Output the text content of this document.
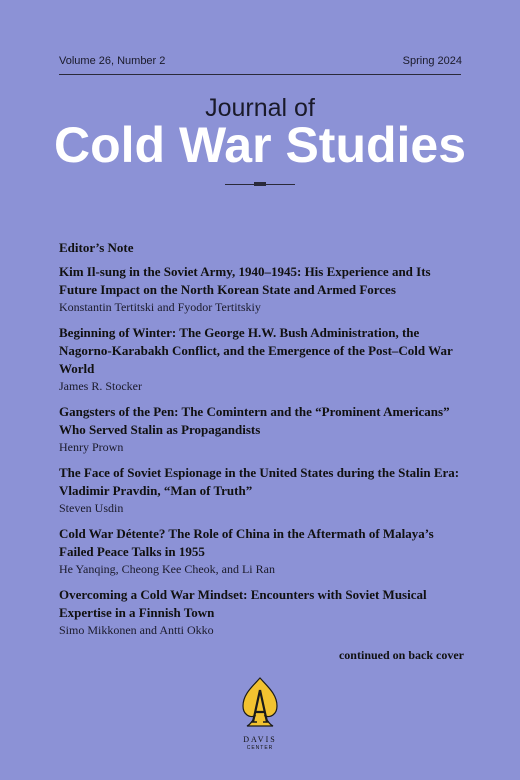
Volume 26, Number 2	Spring 2024
Journal of
Cold War Studies
Editor’s Note
Kim Il-sung in the Soviet Army, 1940–1945: His Experience and Its Future Impact on the North Korean State and Armed Forces
Konstantin Tertitski and Fyodor Tertitskiy
Beginning of Winter: The George H.W. Bush Administration, the Nagorno-Karabakh Conflict, and the Emergence of the Post–Cold War World
James R. Stocker
Gangsters of the Pen: The Comintern and the “Prominent Americans” Who Served Stalin as Propagandists
Henry Prown
The Face of Soviet Espionage in the United States during the Stalin Era: Vladimir Pravdin, “Man of Truth”
Steven Usdin
Cold War Détente? The Role of China in the Aftermath of Malaya’s Failed Peace Talks in 1955
He Yanqing, Cheong Kee Cheok, and Li Ran
Overcoming a Cold War Mindset: Encounters with Soviet Musical Expertise in a Finnish Town
Simo Mikkonen and Antti Okko
continued on back cover
DAVIS
CENTER
